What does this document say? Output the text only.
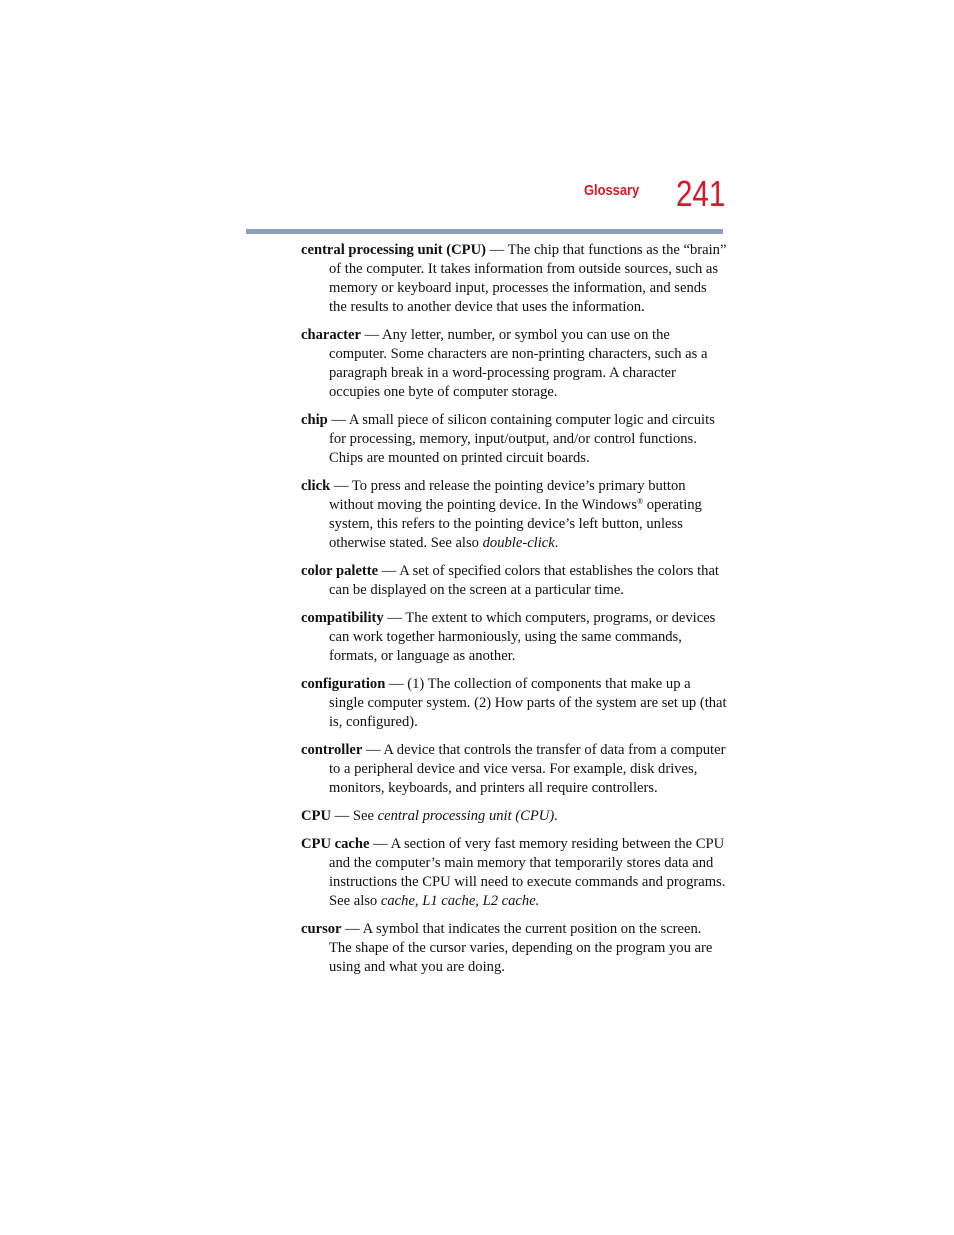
Glossary 241

central processing unit (CPU) — The chip that functions as the “brain” of the computer. It takes information from outside sources, such as memory or keyboard input, processes the information, and sends the results to another device that uses the information.

character — Any letter, number, or symbol you can use on the computer. Some characters are non-printing characters, such as a paragraph break in a word-processing program. A character occupies one byte of computer storage.

chip — A small piece of silicon containing computer logic and circuits for processing, memory, input/output, and/or control functions. Chips are mounted on printed circuit boards.

click — To press and release the pointing device’s primary button without moving the pointing device. In the Windows® operating system, this refers to the pointing device’s left button, unless otherwise stated. See also double-click.

color palette — A set of specified colors that establishes the colors that can be displayed on the screen at a particular time.

compatibility — The extent to which computers, programs, or devices can work together harmoniously, using the same commands, formats, or language as another.

configuration — (1) The collection of components that make up a single computer system. (2) How parts of the system are set up (that is, configured).

controller — A device that controls the transfer of data from a computer to a peripheral device and vice versa. For example, disk drives, monitors, keyboards, and printers all require controllers.

CPU — See central processing unit (CPU).

CPU cache — A section of very fast memory residing between the CPU and the computer’s main memory that temporarily stores data and instructions the CPU will need to execute commands and programs. See also cache, L1 cache, L2 cache.

cursor — A symbol that indicates the current position on the screen. The shape of the cursor varies, depending on the program you are using and what you are doing.
